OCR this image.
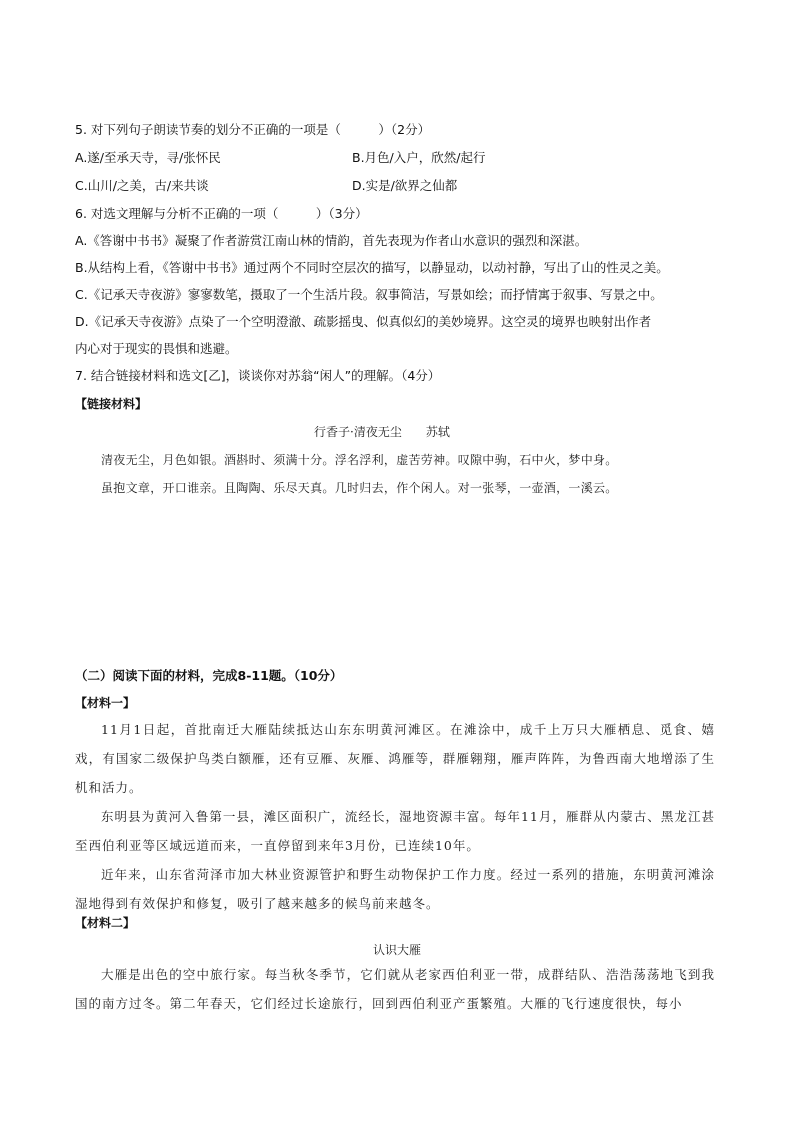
5. 对下列句子朗读节奏的划分不正确的一项是（　　　）（2分）
A.遂/至承天寺，寻/张怀民	B.月色/入户，欣然/起行
C.山川/之美，古/来共谈	D.实是/欲界之仙都
6. 对选文理解与分析不正确的一项（　　　）（3分）
A.《答谢中书书》凝聚了作者游赏江南山林的情韵，首先表现为作者山水意识的强烈和深湛。
B.从结构上看，《答谢中书书》通过两个不同时空层次的描写，以静显动，以动衬静，写出了山的性灵之美。
C.《记承天寺夜游》寥寥数笔，摄取了一个生活片段。叙事简洁，写景如绘；而抒情寓于叙事、写景之中。
D.《记承天寺夜游》点染了一个空明澄澈、疏影摇曳、似真似幻的美妙境界。这空灵的境界也映射出作者
内心对于现实的畏惧和逃避。
7. 结合链接材料和选文[乙]，谈谈你对苏翁“闲人”的理解。（4分）
【链接材料】
行香子·清夜无尘　　苏轼
清夜无尘，月色如银。酒斟时、须满十分。浮名浮利，虚苦劳神。叹隙中驹，石中火，梦中身。
虽抱文章，开口谁亲。且陶陶、乐尽天真。几时归去，作个闲人。对一张琴，一壶酒，一溪云。
（二）阅读下面的材料，完成8-11题。（10分）
【材料一】
11月1日起，首批南迁大雁陆续抵达山东东明黄河滩区。在滩涂中，成千上万只大雁栖息、觅食、嬉戏，有国家二级保护鸟类白额雁，还有豆雁、灰雁、鸿雁等，群雁翱翔，雁声阵阵，为鲁西南大地增添了生机和活力。
东明县为黄河入鲁第一县，滩区面积广，流经长，湿地资源丰富。每年11月，雁群从内蒙古、黑龙江甚至西伯利亚等区域远道而来，一直停留到来年3月份，已连续10年。
近年来，山东省菏泽市加大林业资源管护和野生动物保护工作力度。经过一系列的措施，东明黄河滩涂湿地得到有效保护和修复，吸引了越来越多的候鸟前来越冬。
【材料二】
认识大雁
大雁是出色的空中旅行家。每当秋冬季节，它们就从老家西伯利亚一带，成群结队、浩浩荡荡地飞到我国的南方过冬。第二年春天，它们经过长途旅行，回到西伯利亚产蛋繁殖。大雁的飞行速度很快，每小
